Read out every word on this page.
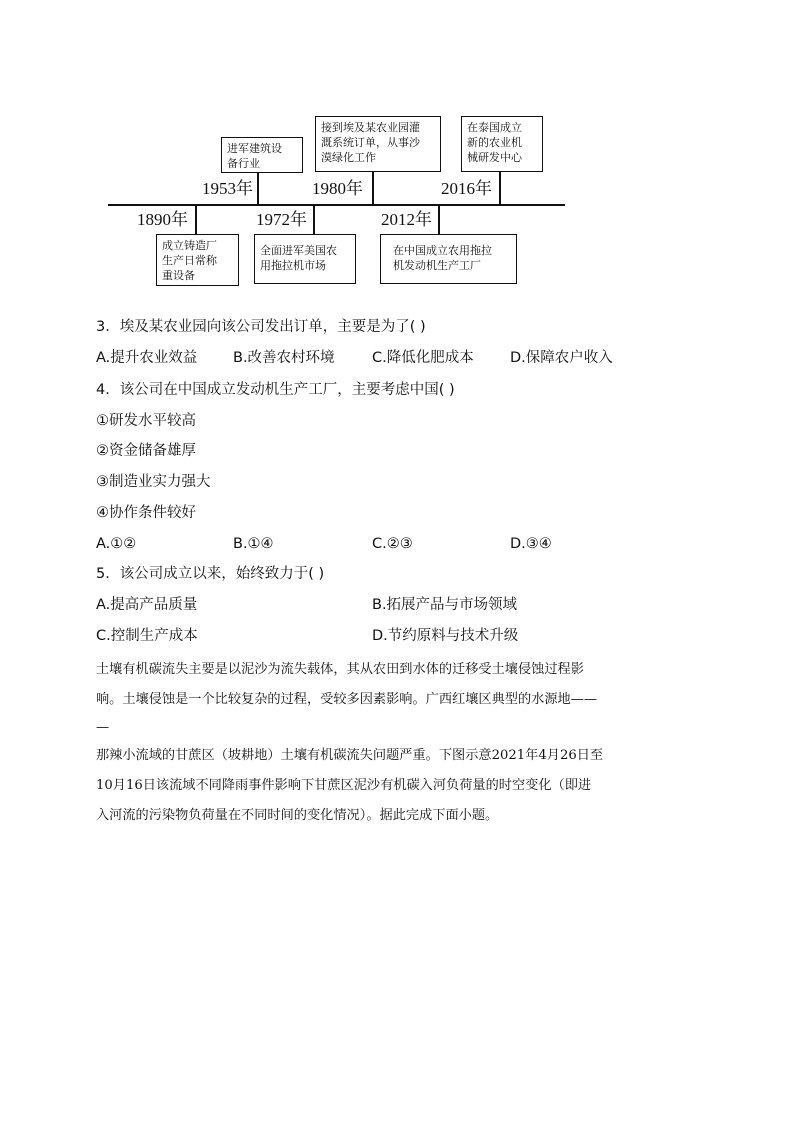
1890年
成立铸造厂
生产日常称
重设备
1953年
进军建筑设
备行业
1972年
全面进军美国农
用拖拉机市场
1980年
接到埃及某农业园灌
溉系统订单，从事沙
漠绿化工作
2012年
在中国成立农用拖拉
机发动机生产工厂
2016年
在泰国成立
新的农业机
械研发中心
3．埃及某农业园向该公司发出订单，主要是为了( )
A.提升农业效益 B.改善农村环境	C.降低化肥成本	D.保障农户收入
4．该公司在中国成立发动机生产工厂，主要考虑中国( )
①研发水平较高
②资金储备雄厚
③制造业实力强大
④协作条件较好
A.①②	B.①④	C.②③	D.③④
5．该公司成立以来，始终致力于( )
A.提高产品质量	B.拓展产品与市场领域
C.控制生产成本	D.节约原料与技术升级

土壤有机碳流失主要是以泥沙为流失载体，其从农田到水体的迁移受土壤侵蚀过程影

响。土壤侵蚀是一个比较复杂的过程，受较多因素影响。广西红壤区典型的水源地——

—

那辣小流域的甘蔗区（坡耕地）土壤有机碳流失问题严重。下图示意2021年4月26日至

10月16日该流域不同降雨事件影响下甘蔗区泥沙有机碳入河负荷量的时空变化（即进

入河流的污染物负荷量在不同时间的变化情况）。据此完成下面小题。
